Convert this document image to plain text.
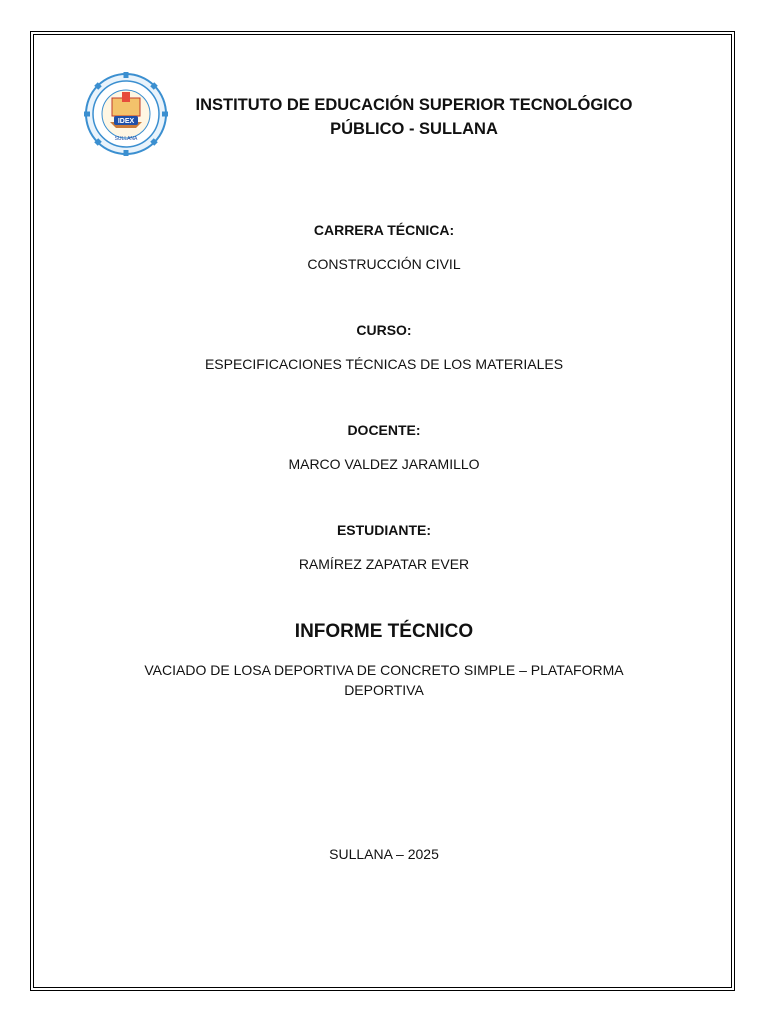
IDEX
SULLANA
INSTITUTO DE EDUCACIÓN SUPERIOR TECNOLÓGICO
PÚBLICO - SULLANA
CARRERA TÉCNICA:
CONSTRUCCIÓN CIVIL
CURSO:
ESPECIFICACIONES TÉCNICAS DE LOS MATERIALES
DOCENTE:
MARCO VALDEZ JARAMILLO
ESTUDIANTE:
RAMÍREZ ZAPATAR EVER
INFORME TÉCNICO
VACIADO DE LOSA DEPORTIVA DE CONCRETO SIMPLE – PLATAFORMA
DEPORTIVA
SULLANA – 2025
